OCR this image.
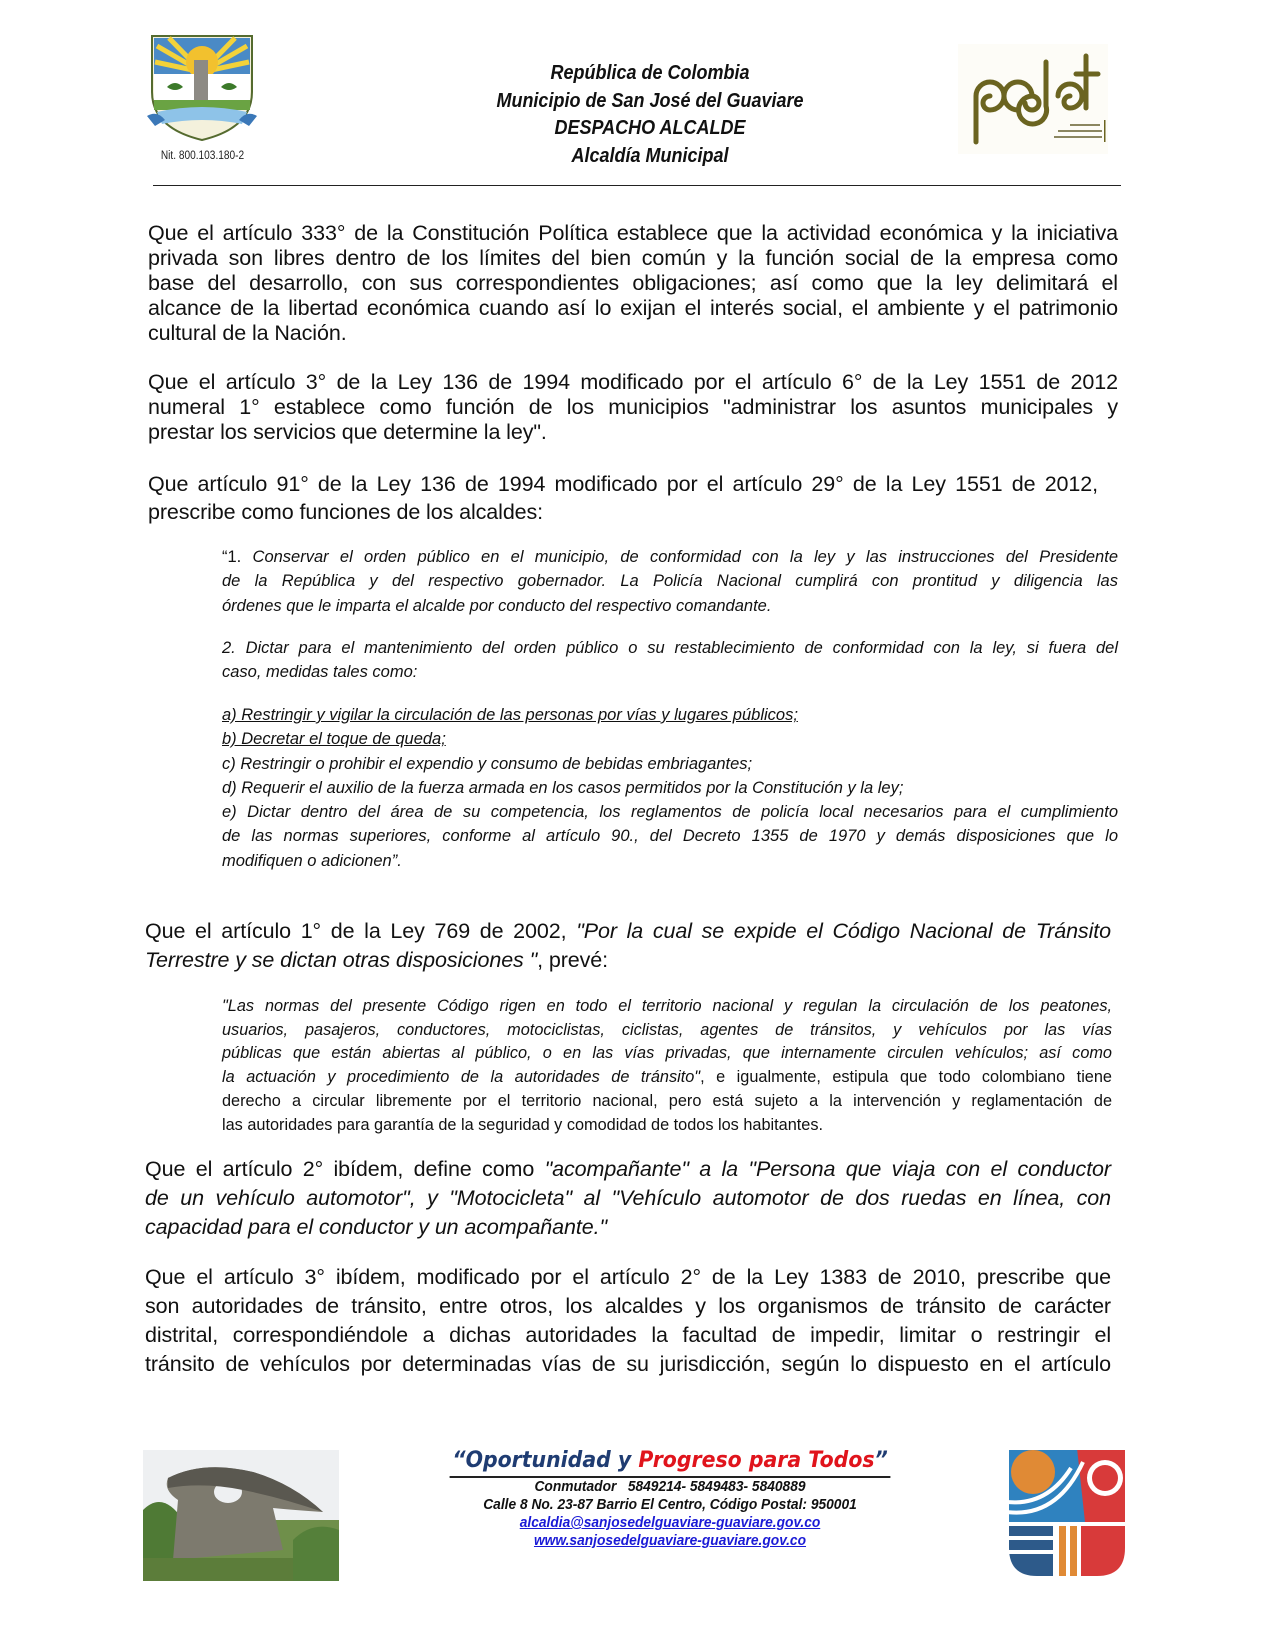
Nit. 800.103.180-2
República de Colombia
Municipio de San José del Guaviare
DESPACHO ALCALDE
Alcaldía Municipal
Que el artículo 333° de la Constitución Política establece que la actividad económica y la iniciativa
privada son libres dentro de los límites del bien común y la función social de la empresa como
base del desarrollo, con sus correspondientes obligaciones; así como que la ley delimitará el
alcance de la libertad económica cuando así lo exijan el interés social, el ambiente y el patrimonio
cultural de la Nación.
Que el artículo 3° de la Ley 136 de 1994 modificado por el artículo 6° de la Ley 1551 de 2012
numeral 1° establece como función de los municipios "administrar los asuntos municipales y
prestar los servicios que determine la ley".
Que artículo 91° de la Ley 136 de 1994 modificado por el artículo 29° de la Ley 1551 de 2012,
prescribe como funciones de los alcaldes:
“1. Conservar el orden público en el municipio, de conformidad con la ley y las instrucciones del Presidente
de la República y del respectivo gobernador. La Policía Nacional cumplirá con prontitud y diligencia las
órdenes que le imparta el alcalde por conducto del respectivo comandante.
2. Dictar para el mantenimiento del orden público o su restablecimiento de conformidad con la ley, si fuera del
caso, medidas tales como:
a) Restringir y vigilar la circulación de las personas por vías y lugares públicos;
b) Decretar el toque de queda;
c) Restringir o prohibir el expendio y consumo de bebidas embriagantes;
d) Requerir el auxilio de la fuerza armada en los casos permitidos por la Constitución y la ley;
e) Dictar dentro del área de su competencia, los reglamentos de policía local necesarios para el cumplimiento
de las normas superiores, conforme al artículo 90., del Decreto 1355 de 1970 y demás disposiciones que lo
modifiquen o adicionen”.
Que el artículo 1° de la Ley 769 de 2002, "Por la cual se expide el Código Nacional de Tránsito
Terrestre y se dictan otras disposiciones ", prevé:
"Las normas del presente Código rigen en todo el territorio nacional y regulan la circulación de los peatones,
usuarios, pasajeros, conductores, motociclistas, ciclistas, agentes de tránsitos, y vehículos por las vías
públicas que están abiertas al público, o en las vías privadas, que internamente circulen vehículos; así como
la actuación y procedimiento de la autoridades de tránsito", e igualmente, estipula que todo colombiano tiene
derecho a circular libremente por el territorio nacional, pero está sujeto a la intervención y reglamentación de
las autoridades para garantía de la seguridad y comodidad de todos los habitantes.
Que el artículo 2° ibídem, define como "acompañante" a la "Persona que viaja con el conductor
de un vehículo automotor", y "Motocicleta" al "Vehículo automotor de dos ruedas en línea, con
capacidad para el conductor y un acompañante."
Que el artículo 3° ibídem, modificado por el artículo 2° de la Ley 1383 de 2010, prescribe que
son autoridades de tránsito, entre otros, los alcaldes y los organismos de tránsito de carácter
distrital, correspondiéndole a dichas autoridades la facultad de impedir, limitar o restringir el
tránsito de vehículos por determinadas vías de su jurisdicción, según lo dispuesto en el artículo
“Oportunidad y Progreso para Todos”
Conmutador   5849214- 5849483- 5840889
Calle 8 No. 23-87 Barrio El Centro, Código Postal: 950001
alcaldia@sanjosedelguaviare-guaviare.gov.co
www.sanjosedelguaviare-guaviare.gov.co
